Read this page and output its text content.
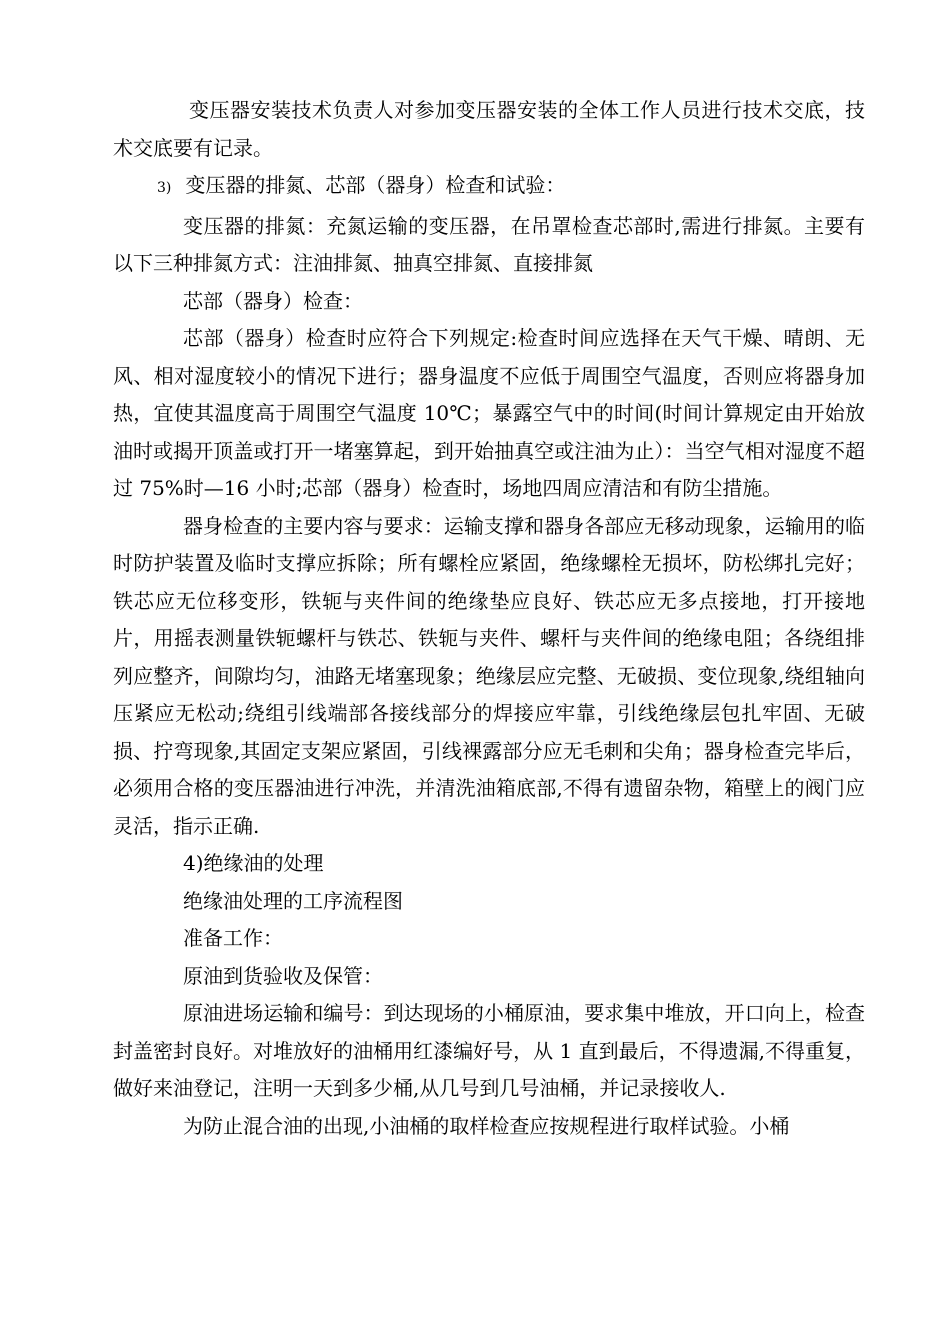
变压器安装技术负责人对参加变压器安装的全体工作人员进行技术交底，技术交底要有记录。

3) 变压器的排氮、芯部（器身）检查和试验：

变压器的排氮：充氮运输的变压器，在吊罩检查芯部时,需进行排氮。主要有以下三种排氮方式：注油排氮、抽真空排氮、直接排氮

芯部（器身）检查：

芯部（器身）检查时应符合下列规定:检查时间应选择在天气干燥、晴朗、无风、相对湿度较小的情况下进行；器身温度不应低于周围空气温度，否则应将器身加热，宜使其温度高于周围空气温度 10℃；暴露空气中的时间(时间计算规定由开始放油时或揭开顶盖或打开一堵塞算起，到开始抽真空或注油为止）：当空气相对湿度不超过 75%时—16 小时;芯部（器身）检查时，场地四周应清洁和有防尘措施。

器身检查的主要内容与要求：运输支撑和器身各部应无移动现象，运输用的临时防护装置及临时支撑应拆除；所有螺栓应紧固，绝缘螺栓无损坏，防松绑扎完好；铁芯应无位移变形，铁轭与夹件间的绝缘垫应良好、铁芯应无多点接地，打开接地片，用摇表测量铁轭螺杆与铁芯、铁轭与夹件、螺杆与夹件间的绝缘电阻；各绕组排列应整齐，间隙均匀，油路无堵塞现象；绝缘层应完整、无破损、变位现象,绕组轴向压紧应无松动;绕组引线端部各接线部分的焊接应牢靠，引线绝缘层包扎牢固、无破损、拧弯现象,其固定支架应紧固，引线裸露部分应无毛刺和尖角；器身检查完毕后，必须用合格的变压器油进行冲洗，并清洗油箱底部,不得有遗留杂物，箱壁上的阀门应灵活，指示正确.

4)绝缘油的处理

绝缘油处理的工序流程图

准备工作：

原油到货验收及保管：

原油进场运输和编号：到达现场的小桶原油，要求集中堆放，开口向上，检查封盖密封良好。对堆放好的油桶用红漆编好号，从 1 直到最后，不得遗漏,不得重复，做好来油登记，注明一天到多少桶,从几号到几号油桶，并记录接收人.

为防止混合油的出现,小油桶的取样检查应按规程进行取样试验。小桶
